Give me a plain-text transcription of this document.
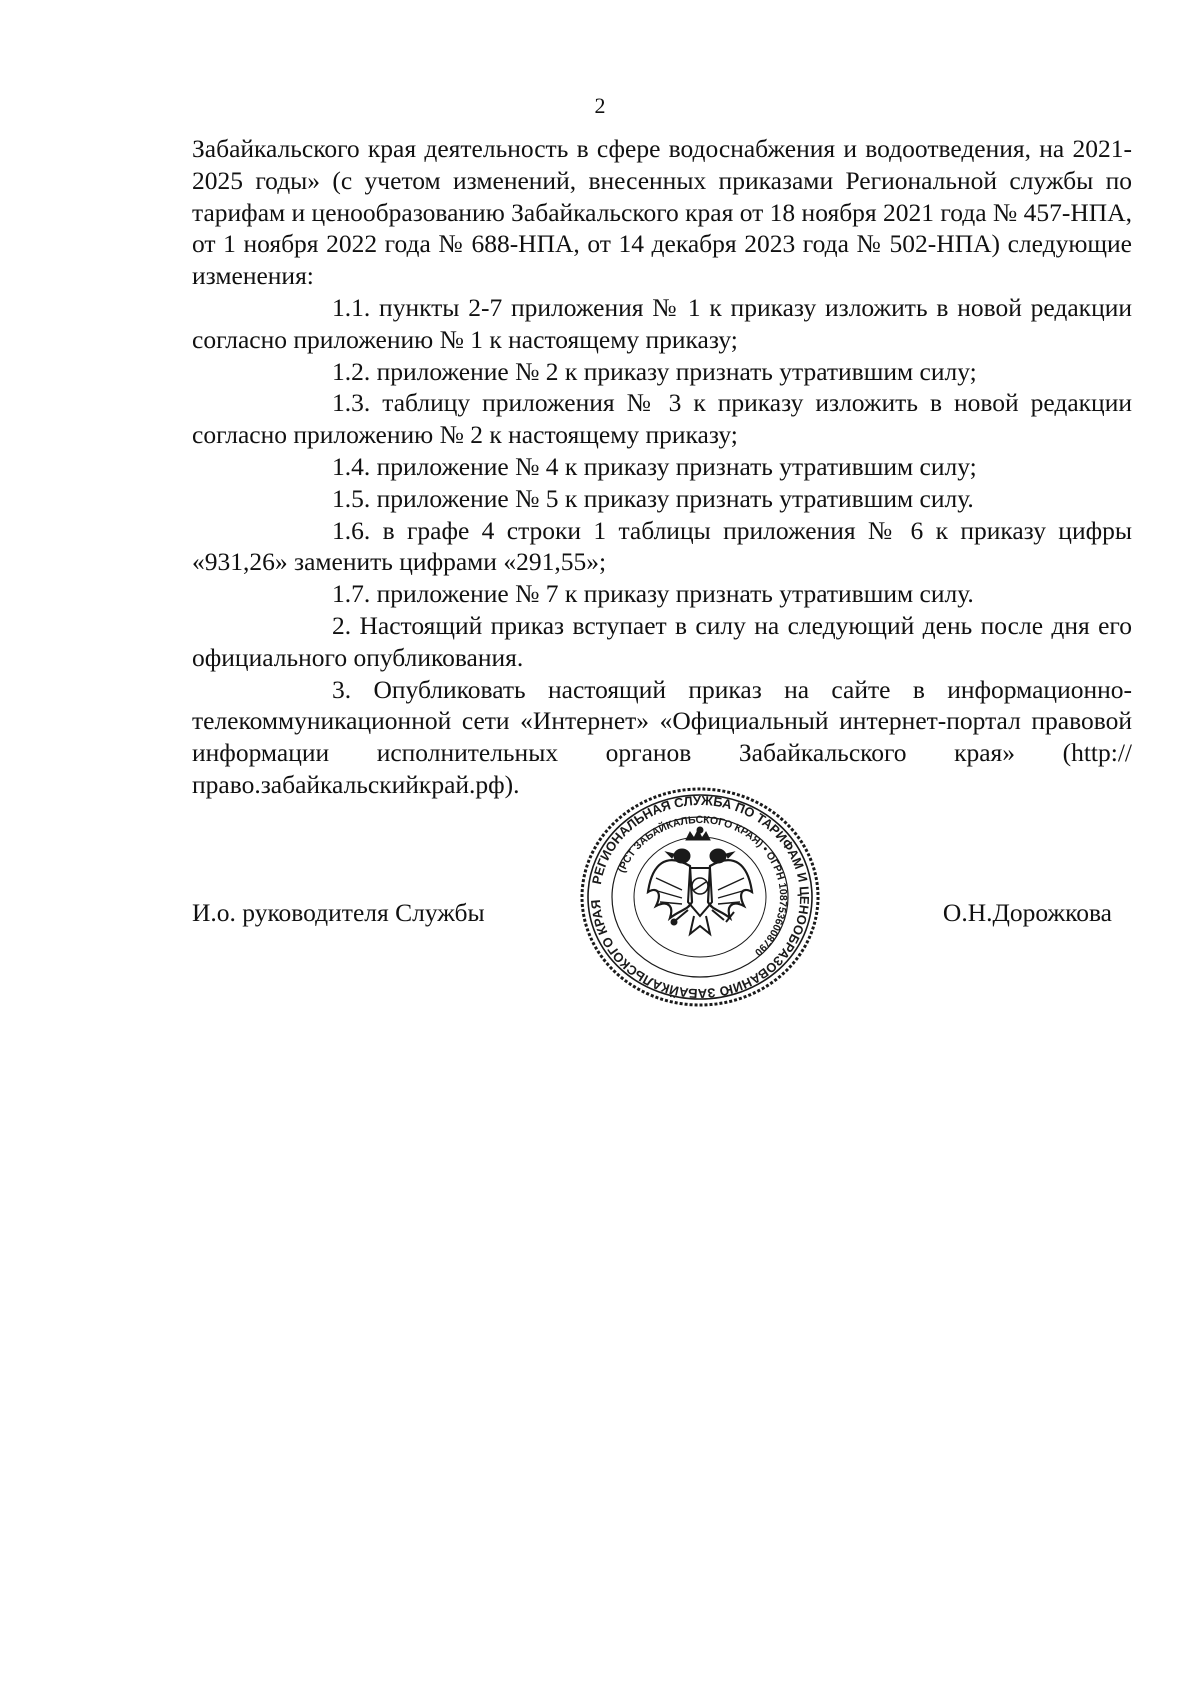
2

Забайкальского края деятельность в сфере водоснабжения и водоотведения, на 2021-2025 годы» (с учетом изменений, внесенных приказами Региональной службы по тарифам и ценообразованию Забайкальского края от 18 ноября 2021 года № 457-НПА, от 1 ноября 2022 года № 688-НПА, от 14 декабря 2023 года № 502-НПА) следующие изменения:

1.1. пункты 2-7 приложения № 1 к приказу изложить в новой редакции согласно приложению № 1 к настоящему приказу;

1.2. приложение № 2 к приказу признать утратившим силу;

1.3. таблицу приложения № 3 к приказу изложить в новой редакции согласно приложению № 2 к настоящему приказу;

1.4. приложение № 4 к приказу признать утратившим силу;

1.5. приложение № 5 к приказу признать утратившим силу.

1.6. в графе 4 строки 1 таблицы приложения № 6 к приказу цифры «931,26» заменить цифрами «291,55»;

1.7. приложение № 7 к приказу признать утратившим силу.

2. Настоящий приказ вступает в силу на следующий день после дня его официального опубликования.

3. Опубликовать настоящий приказ на сайте в информационно-телекоммуникационной сети «Интернет» «Официальный интернет-портал правовой информации исполнительных органов Забайкальского края» (http://право.забайкальскийкрай.рф).

И.о. руководителя Службы	О.Н.Дорожкова
РЕГИОНАЛЬНАЯ СЛУЖБА ПО ТАРИФАМ И ЦЕНООБРАЗОВАНИЮ ЗАБАЙКАЛЬСКОГО КРАЯ
(РСТ ЗАБАЙКАЛЬСКОГО КРАЯ) • ОГРН 1087536008790
